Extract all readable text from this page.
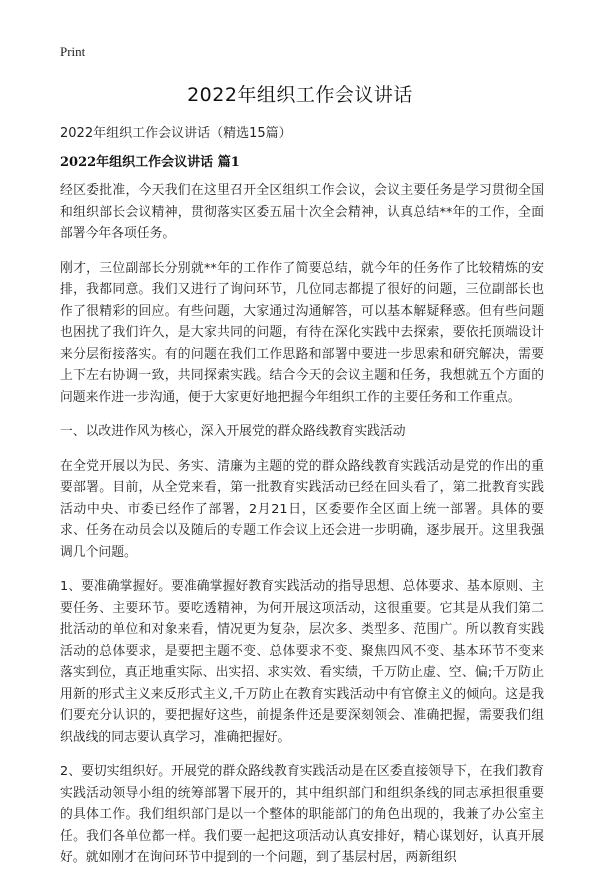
Print
2022年组织工作会议讲话

2022年组织工作会议讲话（精选15篇）

2022年组织工作会议讲话 篇1

经区委批准，今天我们在这里召开全区组织工作会议，会议主要任务是学习贯彻全国和组织部长会议精神，贯彻落实区委五届十次全会精神，认真总结**年的工作，全面部署今年各项任务。

刚才，三位副部长分别就**年的工作作了简要总结，就今年的任务作了比较精炼的安排，我都同意。我们又进行了询问环节，几位同志都提了很好的问题，三位副部长也作了很精彩的回应。有些问题，大家通过沟通解答，可以基本解疑释惑。但有些问题也困扰了我们许久，是大家共同的问题，有待在深化实践中去探索，要依托顶端设计来分层衔接落实。有的问题在我们工作思路和部署中要进一步思索和研究解决，需要上下左右协调一致，共同探索实践。结合今天的会议主题和任务，我想就五个方面的问题来作进一步沟通，便于大家更好地把握今年组织工作的主要任务和工作重点。

一、以改进作风为核心，深入开展党的群众路线教育实践活动

在全党开展以为民、务实、清廉为主题的党的群众路线教育实践活动是党的作出的重要部署。目前，从全党来看，第一批教育实践活动已经在回头看了，第二批教育实践活动中央、市委已经作了部署，2月21日，区委要作全区面上统一部署。具体的要求、任务在动员会以及随后的专题工作会议上还会进一步明确，逐步展开。这里我强调几个问题。

1、要准确掌握好。要准确掌握好教育实践活动的指导思想、总体要求、基本原则、主要任务、主要环节。要吃透精神，为何开展这项活动，这很重要。它其是从我们第二批活动的单位和对象来看，情况更为复杂，层次多、类型多、范围广。所以教育实践活动的总体要求，是要把主题不变、总体要求不变、聚焦四风不变、基本环节不变来落实到位，真正地重实际、出实招、求实效、看实绩，千万防止虚、空、偏;千万防止用新的形式主义来反形式主义,千万防止在教育实践活动中有官僚主义的倾向。这是我们要充分认识的，要把握好这些，前提条件还是要深刻领会、准确把握，需要我们组织战线的同志要认真学习，准确把握好。

2、要切实组织好。开展党的群众路线教育实践活动是在区委直接领导下，在我们教育实践活动领导小组的统筹部署下展开的，其中组织部门和组织条线的同志承担很重要的具体工作。我们组织部门是以一个整体的职能部门的角色出现的，我兼了办公室主任。我们各单位都一样。我们要一起把这项活动认真安排好，精心谋划好，认真开展好。就如刚才在询问环节中提到的一个问题，到了基层村居，两新组织
